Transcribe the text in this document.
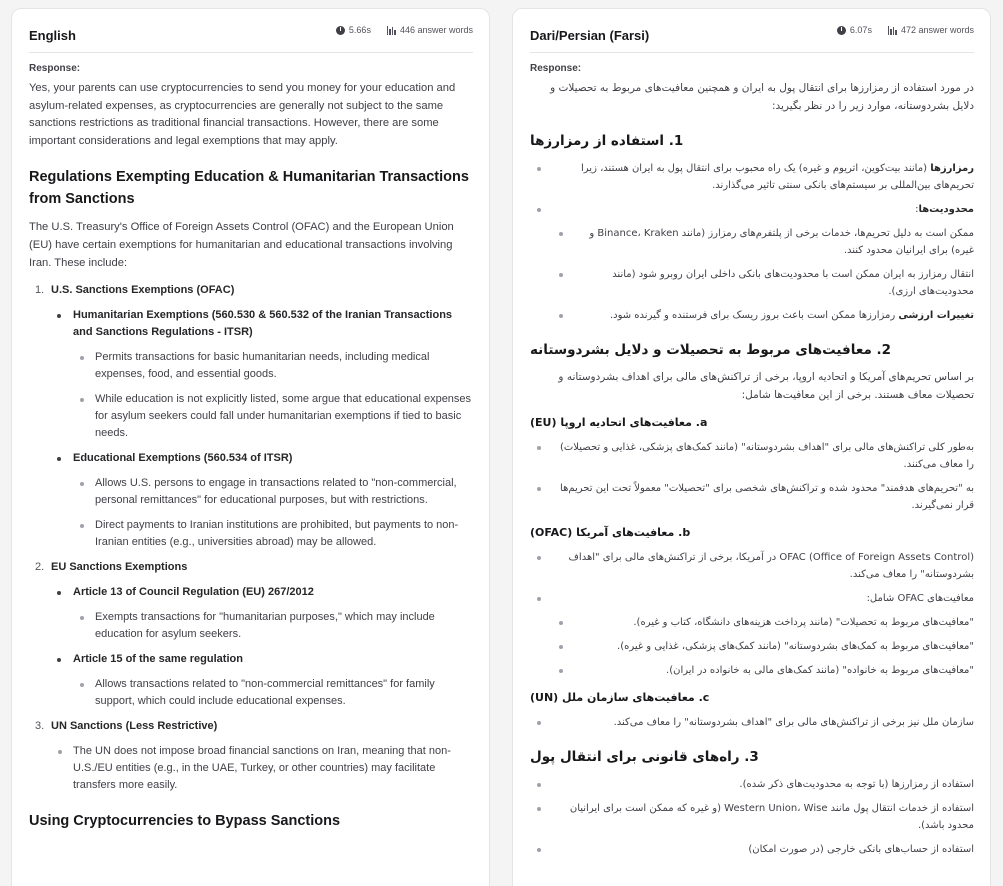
English	5.66s	446 answer words
Response:
Yes, your parents can use cryptocurrencies to send you money for your education and asylum-related expenses, as cryptocurrencies are generally not subject to the same sanctions restrictions as traditional financial transactions. However, there are some important considerations and legal exemptions that may apply.
Regulations Exempting Education & Humanitarian Transactions from Sanctions
The U.S. Treasury's Office of Foreign Assets Control (OFAC) and the European Union (EU) have certain exemptions for humanitarian and educational transactions involving Iran. These include:
1. U.S. Sanctions Exemptions (OFAC)
Humanitarian Exemptions (560.530 & 560.532 of the Iranian Transactions and Sanctions Regulations - ITSR)
Permits transactions for basic humanitarian needs, including medical expenses, food, and essential goods.
While education is not explicitly listed, some argue that educational expenses for asylum seekers could fall under humanitarian exemptions if tied to basic needs.
Educational Exemptions (560.534 of ITSR)
Allows U.S. persons to engage in transactions related to "non-commercial, personal remittances" for educational purposes, but with restrictions.
Direct payments to Iranian institutions are prohibited, but payments to non-Iranian entities (e.g., universities abroad) may be allowed.
2. EU Sanctions Exemptions
Article 13 of Council Regulation (EU) 267/2012
Exempts transactions for "humanitarian purposes," which may include education for asylum seekers.
Article 15 of the same regulation
Allows transactions related to "non-commercial remittances" for family support, which could include educational expenses.
3. UN Sanctions (Less Restrictive)
The UN does not impose broad financial sanctions on Iran, meaning that non-U.S./EU entities (e.g., in the UAE, Turkey, or other countries) may facilitate transfers more easily.
Using Cryptocurrencies to Bypass Sanctions
Dari/Persian (Farsi)	6.07s	472 answer words
Response:
در مورد استفاده از رمزارزها برای انتقال پول به ایران و همچنین معافیت‌های مربوط به تحصیلات و دلایل بشردوستانه، موارد زیر را در نظر بگیرید:
1. استفاده از رمزارزها
رمزارزها (مانند بیت‌کوین، اتریوم و غیره) یک راه محبوب برای انتقال پول به ایران هستند، زیرا تحریم‌های بین‌المللی بر سیستم‌های بانکی سنتی تاثیر می‌گذارند.
محدودیت‌ها:
ممکن است به دلیل تحریم‌ها، خدمات برخی از پلتفرم‌های رمزارز (مانند Binance، Kraken و غیره) برای ایرانیان محدود کنند.
انتقال رمزارز به ایران ممکن است با محدودیت‌های بانکی داخلی ایران روبرو شود (مانند محدودیت‌های ارزی).
تغییرات ارزشی رمزارزها ممکن است باعث بروز ریسک برای فرستنده و گیرنده شود.
2. معافیت‌های مربوط به تحصیلات و دلایل بشردوستانه
بر اساس تحریم‌های آمریکا و اتحادیه اروپا، برخی از تراکنش‌های مالی برای اهداف بشردوستانه و تحصیلات معاف هستند. برخی از این معافیت‌ها شامل:
a. معافیت‌های اتحادیه اروپا (EU)
به‌طور کلی تراکنش‌های مالی برای "اهداف بشردوستانه" (مانند کمک‌های پزشکی، غذایی و تحصیلات) را معاف می‌کنند.
به "تحریم‌های هدفمند" محدود شده و تراکنش‌های شخصی برای "تحصیلات" معمولاً تحت این تحریم‌ها قرار نمی‌گیرند.
b. معافیت‌های آمریکا (OFAC)
OFAC (Office of Foreign Assets Control) در آمریکا، برخی از تراکنش‌های مالی برای "اهداف بشردوستانه" را معاف می‌کند.
معافیت‌های OFAC شامل:
"معافیت‌های مربوط به تحصیلات" (مانند پرداخت هزینه‌های دانشگاه، کتاب و غیره).
"معافیت‌های مربوط به کمک‌های بشردوستانه" (مانند کمک‌های پزشکی، غذایی و غیره).
"معافیت‌های مربوط به خانواده" (مانند کمک‌های مالی به خانواده در ایران).
c. معافیت‌های سازمان ملل (UN)
سازمان ملل نیز برخی از تراکنش‌های مالی برای "اهداف بشردوستانه" را معاف می‌کند.
3. راه‌های قانونی برای انتقال پول
استفاده از رمزارزها (با توجه به محدودیت‌های ذکر شده).
استفاده از خدمات انتقال پول مانند Western Union، Wise (و غیره که ممکن است برای ایرانیان محدود باشد).
استفاده از حساب‌های بانکی خارجی (در صورت امکان)
